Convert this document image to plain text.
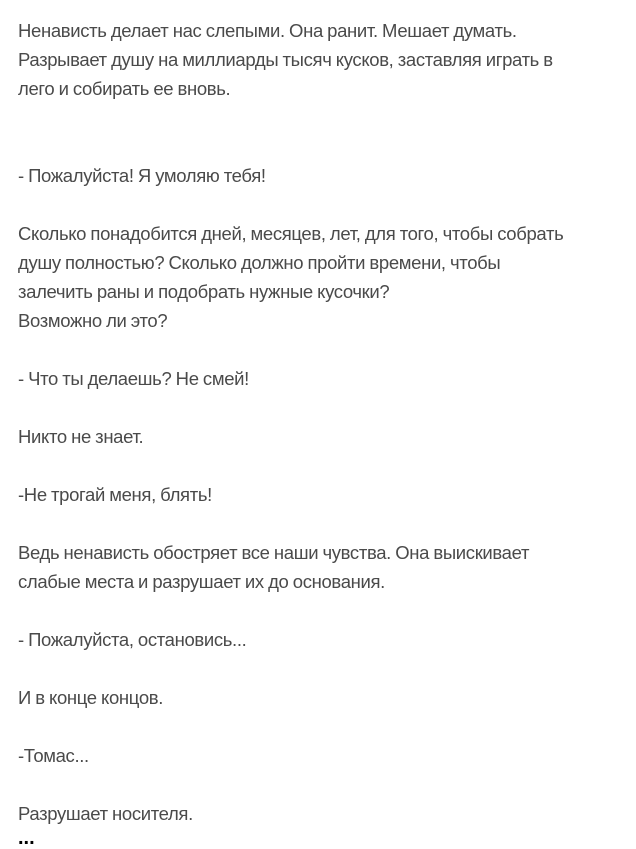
Ненависть делает нас слепыми. Она ранит. Мешает думать.
Разрывает душу на миллиарды тысяч кусков, заставляя играть в
лего и собирать ее вновь.

- Пожалуйста! Я умоляю тебя!

Сколько понадобится дней, месяцев, лет, для того, чтобы собрать
душу полностью? Сколько должно пройти времени, чтобы
залечить раны и подобрать нужные кусочки?
Возможно ли это?

- Что ты делаешь? Не смей!

Никто не знает.

-Не трогай меня, блять!

Ведь ненависть обостряет все наши чувства. Она выискивает
слабые места и разрушает их до основания.

- Пожалуйста, остановись...

И в конце концов.

-Томас...

Разрушает носителя.

...
